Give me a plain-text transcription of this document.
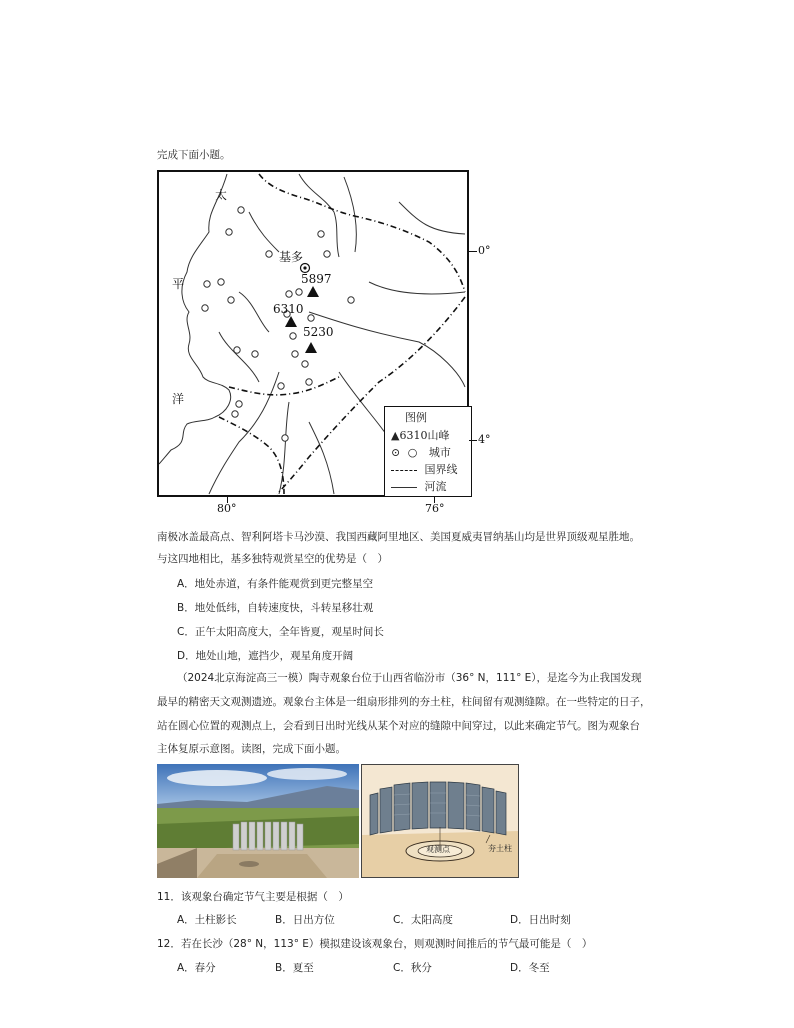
完成下面小题。
太
平
洋
基多
5897
6310
5230
图例
▲6310山峰
⊙ ○ 城市
国界线
河流
0°
4°
80°	76°
南极冰盖最高点、智利阿塔卡马沙漠、我国西藏阿里地区、美国夏威夷冒纳基山均是世界顶级观星胜地。
与这四地相比，基多独特观赏星空的优势是（　）
A．地处赤道，有条件能观赏到更完整星空
B．地处低纬，自转速度快，斗转星移壮观
C．正午太阳高度大，全年皆夏，观星时间长
D．地处山地，遮挡少，观星角度开阔
（2024北京海淀高三一模）陶寺观象台位于山西省临汾市（36° N，111° E），是迄今为止我国发现
最早的精密天文观测遗迹。观象台主体是一组扇形排列的夯土柱，柱间留有观测缝隙。在一些特定的日子，
站在圆心位置的观测点上，会看到日出时光线从某个对应的缝隙中间穿过，以此来确定节气。图为观象台
主体复原示意图。读图，完成下面小题。
观测点	夯土柱
11．该观象台确定节气主要是根据（　）
A．土柱影长	B．日出方位	C．太阳高度	D．日出时刻
12．若在长沙（28° N，113° E）模拟建设该观象台，则观测时间推后的节气最可能是（　）
A．春分	B．夏至	C．秋分	D．冬至
